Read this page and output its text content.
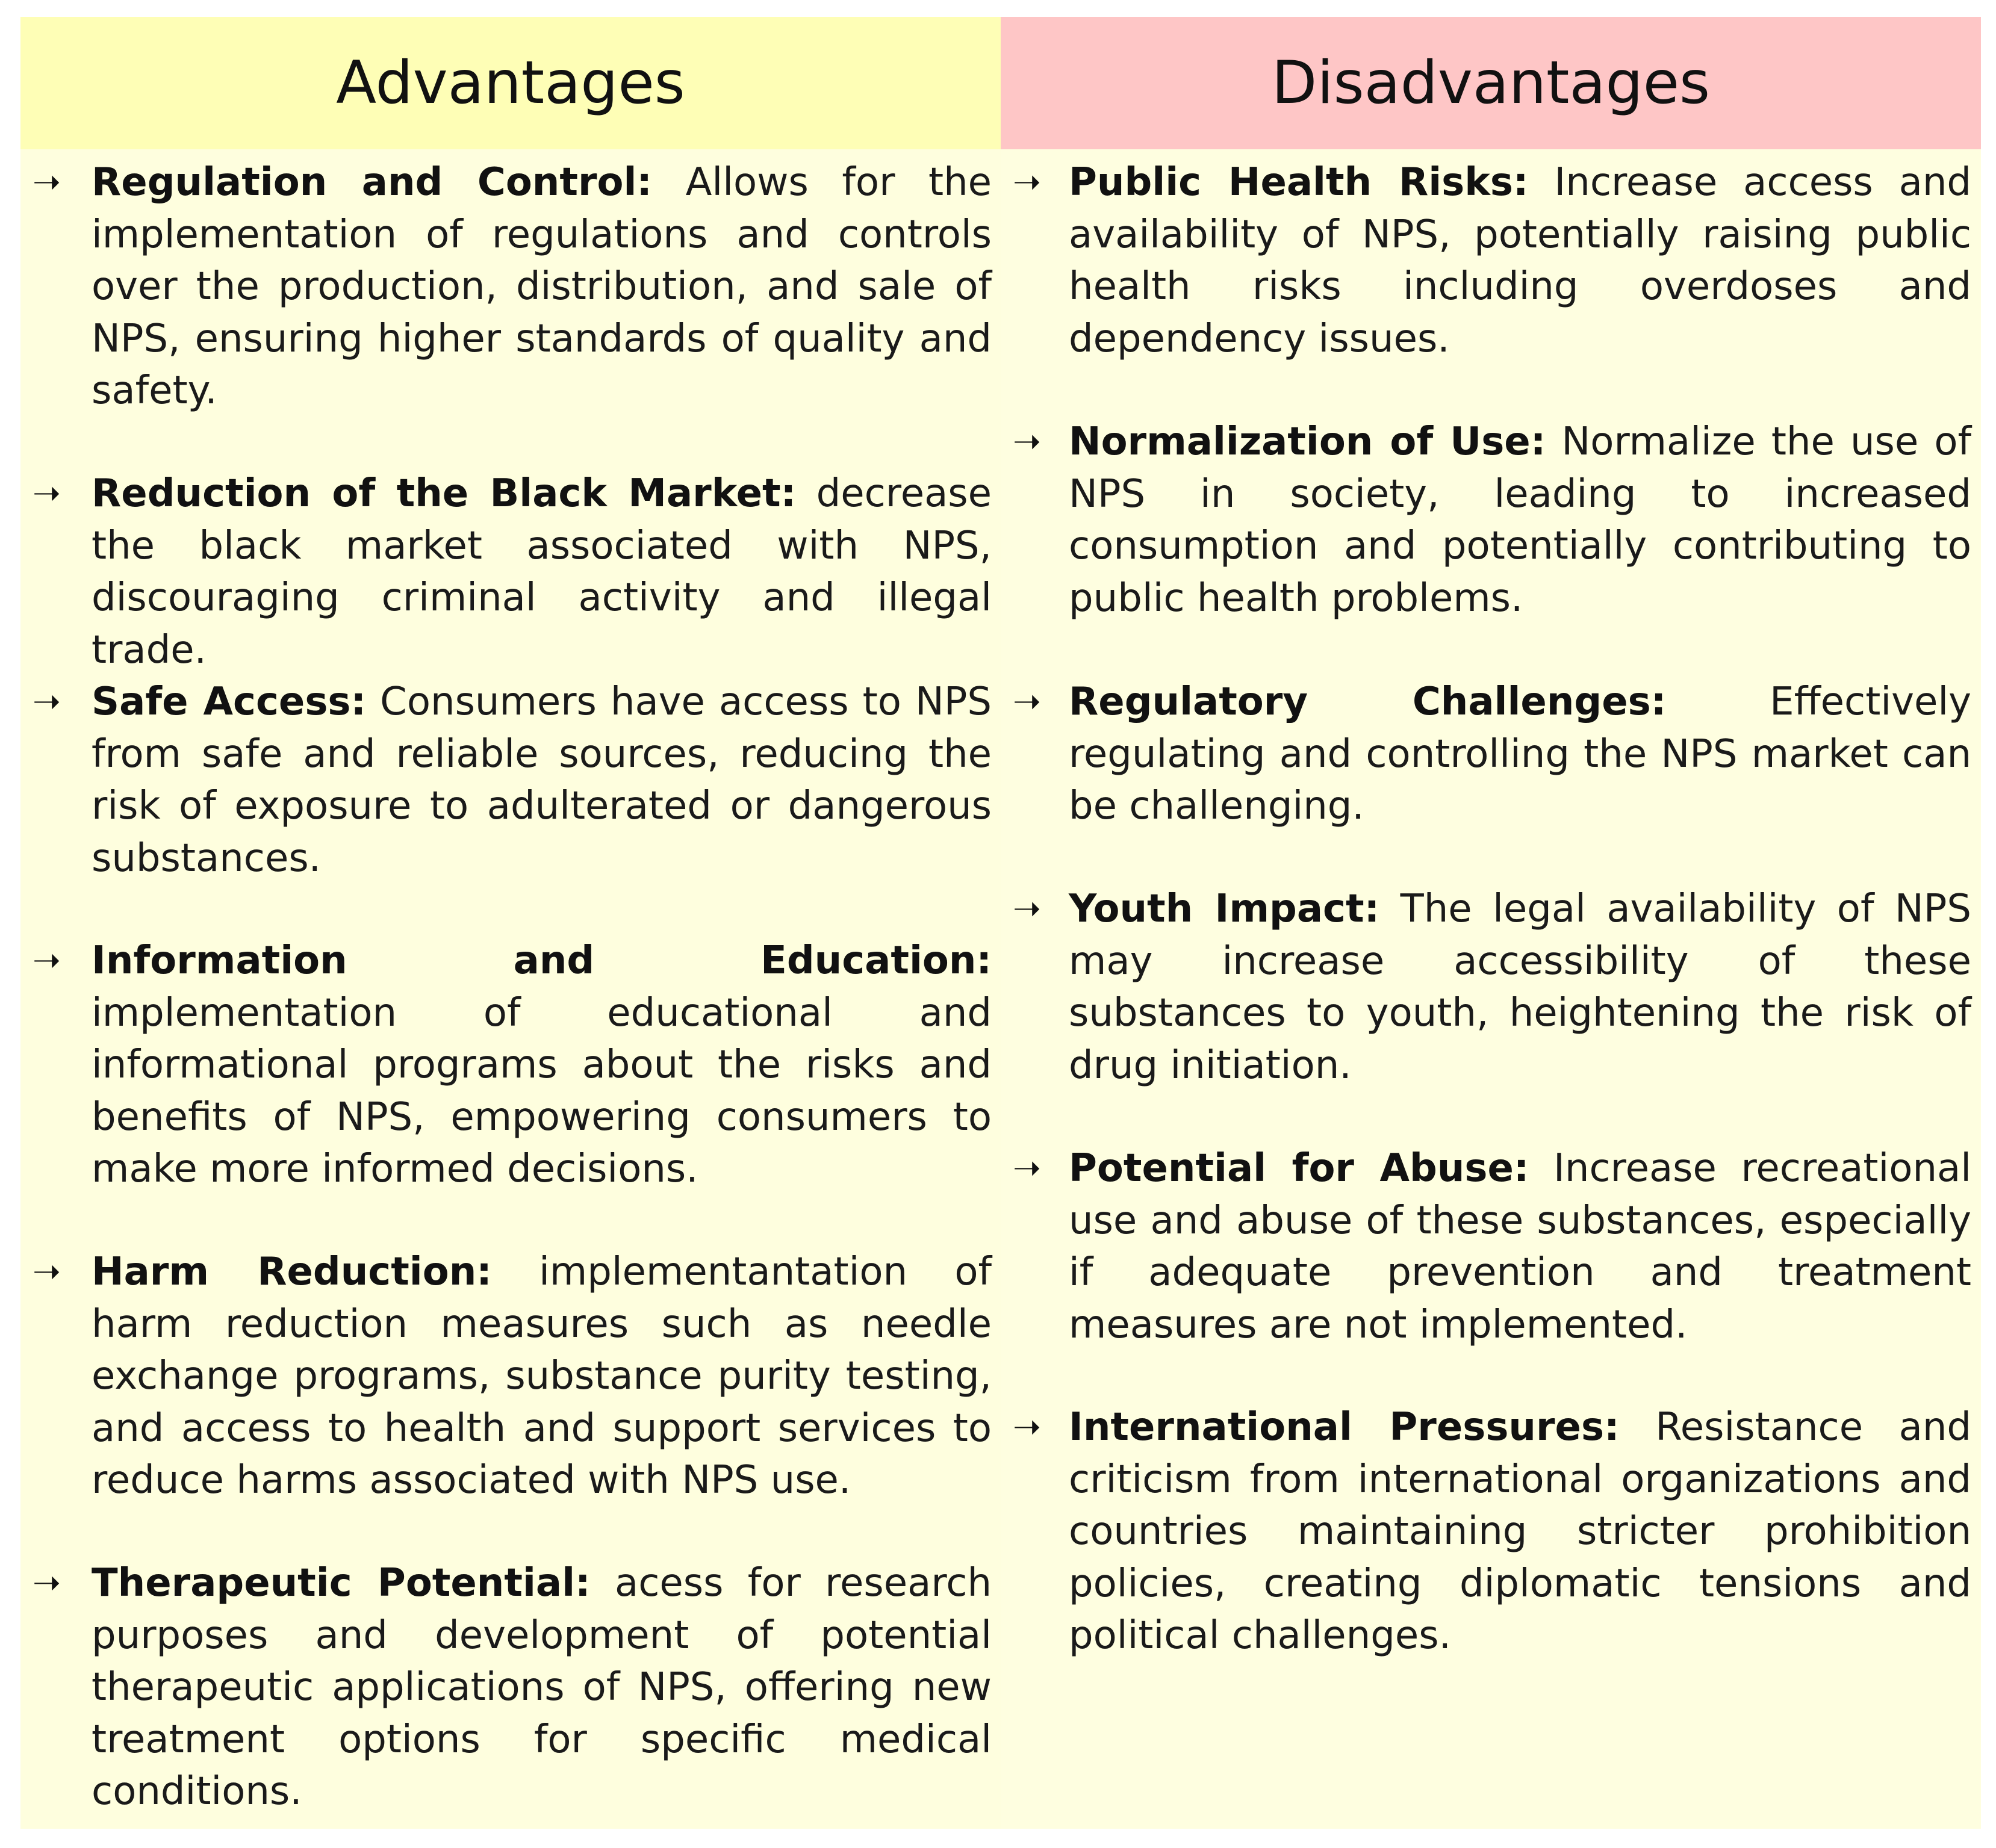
Advantages
➝ Regulation and Control: Allows for the implementation of regulations and controls over the production, distribution, and sale of NPS, ensuring higher standards of quality and safety.
➝ Reduction of the Black Market: decrease the black market associated with NPS, discouraging criminal activity and illegal trade.
➝ Safe Access: Consumers have access to NPS from safe and reliable sources, reducing the risk of exposure to adulterated or dangerous substances.
➝ Information and Education: implementation of educational and informational programs about the risks and benefits of NPS, empowering consumers to make more informed decisions.
➝ Harm Reduction: implementantation of harm reduction measures such as needle exchange programs, substance purity testing, and access to health and support services to reduce harms associated with NPS use.
➝ Therapeutic Potential: acess for research purposes and development of potential therapeutic applications of NPS, offering new treatment options for specific medical conditions.
Disadvantages
➝ Public Health Risks: Increase access and availability of NPS, potentially raising public health risks including overdoses and dependency issues.
➝ Normalization of Use: Normalize the use of NPS in society, leading to increased consumption and potentially contributing to public health problems.
➝ Regulatory Challenges:	Effectively regulating and controlling the NPS market can be challenging.
➝ Youth Impact: The legal availability of NPS may increase accessibility of these substances to youth, heightening the risk of drug initiation.
➝ Potential for Abuse: Increase recreational use and abuse of these substances, especially if adequate prevention and treatment measures are not implemented.
➝ International Pressures: Resistance and criticism from international organizations and countries maintaining stricter prohibition policies, creating diplomatic tensions and political challenges.
